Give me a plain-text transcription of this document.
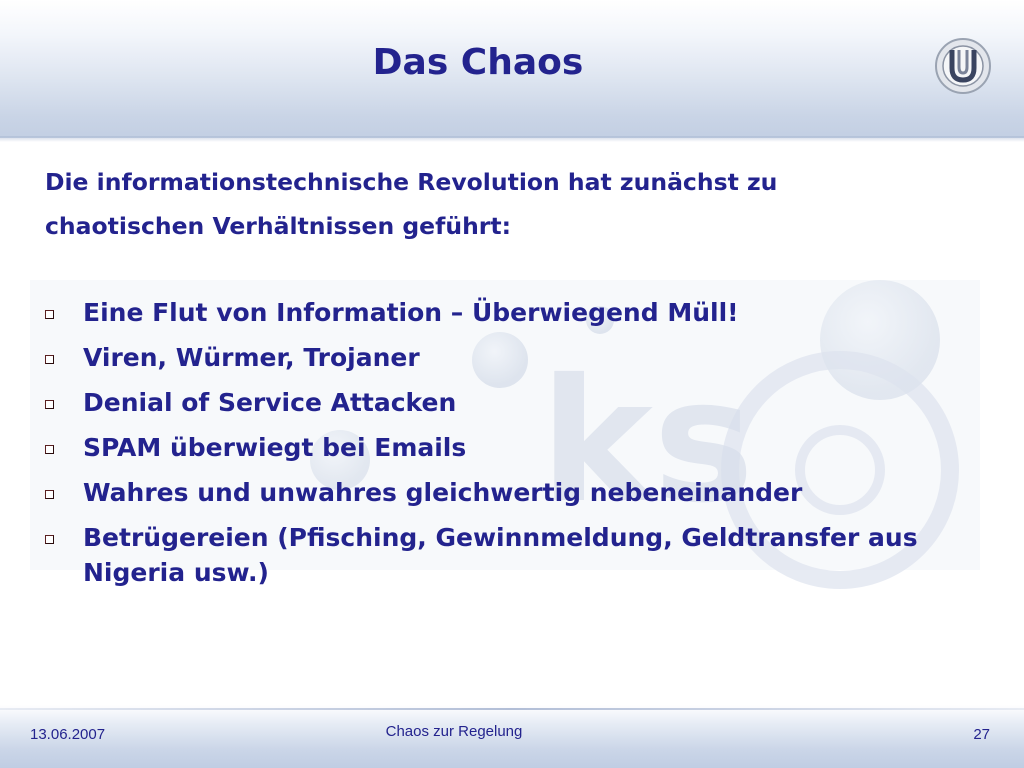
ks
Das Chaos
Die informationstechnische Revolution hat zunächst zu
chaotischen Verhältnissen geführt:
Eine Flut von Information – Überwiegend Müll!
Viren, Würmer, Trojaner
Denial of Service Attacken
SPAM überwiegt bei Emails
Wahres und unwahres gleichwertig nebeneinander
Betrügereien (Pfisching, Gewinnmeldung, Geldtransfer aus Nigeria usw.)
13.06.2007	Chaos zur Regelung	27
